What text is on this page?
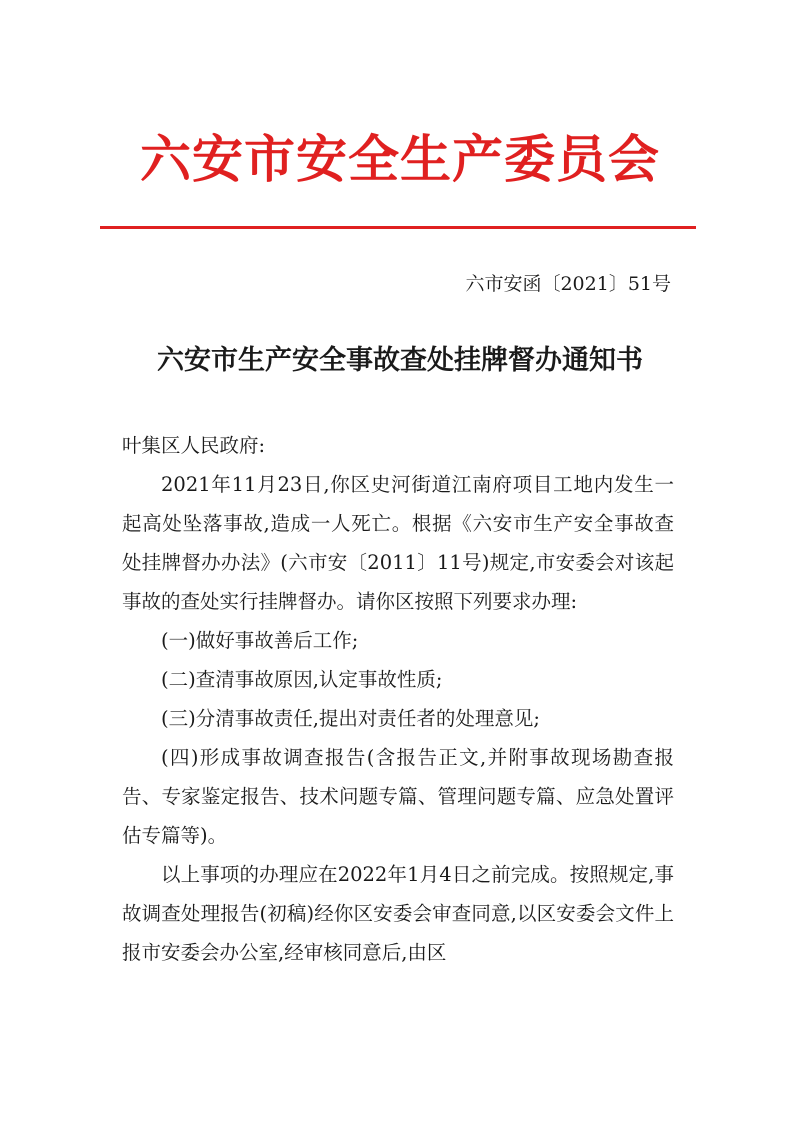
六安市安全生产委员会
六市安函〔2021〕51号
六安市生产安全事故查处挂牌督办通知书

叶集区人民政府:

2021年11月23日,你区史河街道江南府项目工地内发生一起高处坠落事故,造成一人死亡。根据《六安市生产安全事故查处挂牌督办办法》(六市安〔2011〕11号)规定,市安委会对该起事故的查处实行挂牌督办。请你区按照下列要求办理:

(一)做好事故善后工作;

(二)查清事故原因,认定事故性质;

(三)分清事故责任,提出对责任者的处理意见;

(四)形成事故调查报告(含报告正文,并附事故现场勘查报告、专家鉴定报告、技术问题专篇、管理问题专篇、应急处置评估专篇等)。

以上事项的办理应在2022年1月4日之前完成。按照规定,事故调查处理报告(初稿)经你区安委会审查同意,以区安委会文件上报市安委会办公室,经审核同意后,由区
